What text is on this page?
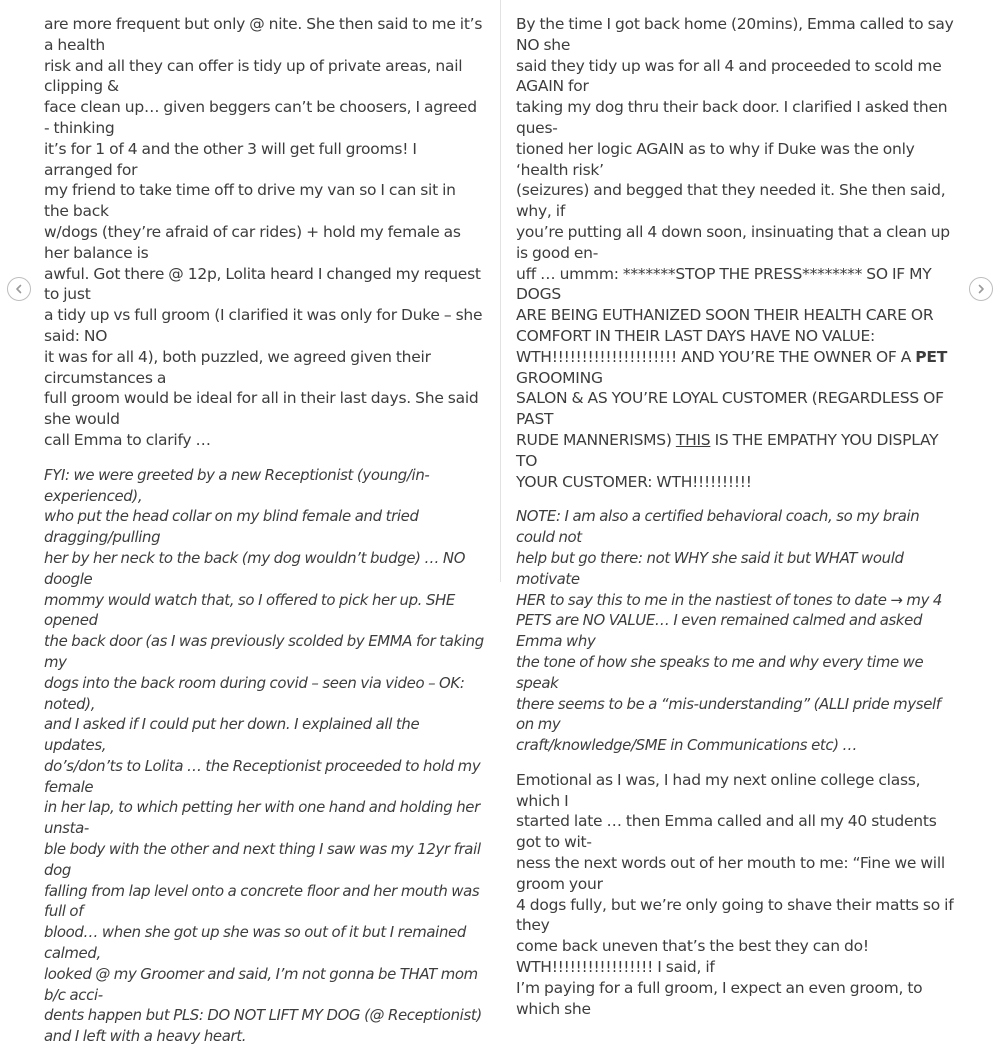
are more frequent but only @ nite. She then said to me it’s a health
risk and all they can offer is tidy up of private areas, nail clipping &
face clean up… given beggers can’t be choosers, I agreed - thinking
it’s for 1 of 4 and the other 3 will get full grooms! I arranged for
my friend to take time off to drive my van so I can sit in the back
w/dogs (they’re afraid of car rides) + hold my female as her balance is
awful. Got there @ 12p, Lolita heard I changed my request to just
a tidy up vs full groom (I clarified it was only for Duke – she said: NO
it was for all 4), both puzzled, we agreed given their circumstances a
full groom would be ideal for all in their last days. She said she would
call Emma to clarify …

FYI: we were greeted by a new Receptionist (young/in-experienced),
who put the head collar on my blind female and tried dragging/pulling
her by her neck to the back (my dog wouldn’t budge) … NO doogle
mommy would watch that, so I offered to pick her up. SHE opened
the back door (as I was previously scolded by EMMA for taking my
dogs into the back room during covid – seen via video – OK: noted),
and I asked if I could put her down. I explained all the updates,
do’s/don’ts to Lolita … the Receptionist proceeded to hold my female
in her lap, to which petting her with one hand and holding her unsta-
ble body with the other and next thing I saw was my 12yr frail dog
falling from lap level onto a concrete floor and her mouth was full of
blood… when she got up she was so out of it but I remained calmed,
looked @ my Groomer and said, I’m not gonna be THAT mom b/c acci-
dents happen but PLS: DO NOT LIFT MY DOG (@ Receptionist)
and I left with a heavy heart.

By the time I got back home (20mins), Emma called to say NO she
said they tidy up was for all 4 and proceeded to scold me AGAIN for
taking my dog thru their back door. I clarified I asked then ques-
tioned her logic AGAIN as to why if Duke was the only ‘health risk’
(seizures) and begged that they needed it. She then said, why, if
you’re putting all 4 down soon, insinuating that a clean up is good en-
uff … ummm: *******STOP THE PRESS******** SO IF MY DOGS
ARE BEING EUTHANIZED SOON THEIR HEALTH CARE OR
COMFORT IN THEIR LAST DAYS HAVE NO VALUE:
WTH!!!!!!!!!!!!!!!!!!!!! AND YOU’RE THE OWNER OF A PET GROOMING
SALON & AS YOU’RE LOYAL CUSTOMER (REGARDLESS OF PAST
RUDE MANNERISMS) THIS IS THE EMPATHY YOU DISPLAY TO
YOUR CUSTOMER: WTH!!!!!!!!!!

NOTE: I am also a certified behavioral coach, so my brain could not
help but go there: not WHY she said it but WHAT would motivate
HER to say this to me in the nastiest of tones to date → my 4
PETS are NO VALUE… I even remained calmed and asked Emma why
the tone of how she speaks to me and why every time we speak
there seems to be a “mis-understanding” (ALLI pride myself on my
craft/knowledge/SME in Communications etc) …

Emotional as I was, I had my next online college class, which I
started late … then Emma called and all my 40 students got to wit-
ness the next words out of her mouth to me: “Fine we will groom your
4 dogs fully, but we’re only going to shave their matts so if they
come back uneven that’s the best they can do! WTH!!!!!!!!!!!!!!!!! I said, if
I’m paying for a full groom, I expect an even groom, to which she
